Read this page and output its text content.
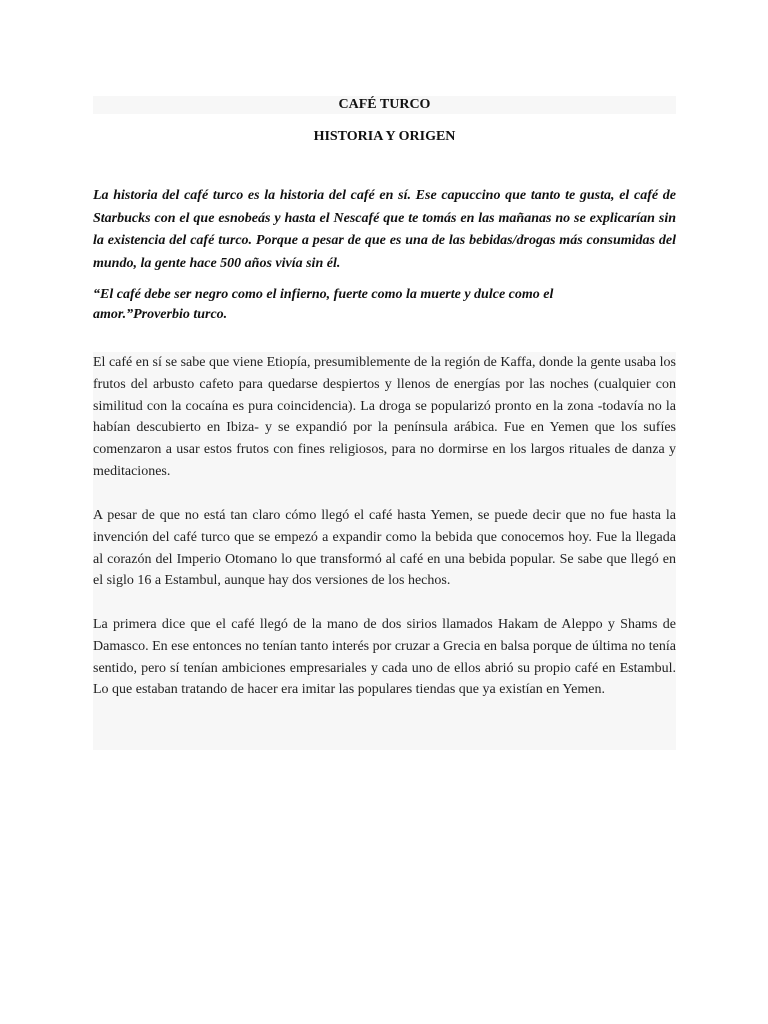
CAFÉ TURCO
HISTORIA Y ORIGEN

La historia del café turco es la historia del café en sí. Ese capuccino que tanto te gusta, el café de Starbucks con el que esnobeás y hasta el Nescafé que te tomás en las mañanas no se explicarían sin la existencia del café turco. Porque a pesar de que es una de las bebidas/drogas más consumidas del mundo, la gente hace 500 años vivía sin él.

“El café debe ser negro como el infierno, fuerte como la muerte y dulce como el amor.”Proverbio turco.

El café en sí se sabe que viene Etiopía, presumiblemente de la región de Kaffa, donde la gente usaba los frutos del arbusto cafeto para quedarse despiertos y llenos de energías por las noches (cualquier con similitud con la cocaína es pura coincidencia). La droga se popularizó pronto en la zona -todavía no la habían descubierto en Ibiza- y se expandió por la península arábica. Fue en Yemen que los sufíes comenzaron a usar estos frutos con fines religiosos, para no dormirse en los largos rituales de danza y meditaciones.

A pesar de que no está tan claro cómo llegó el café hasta Yemen, se puede decir que no fue hasta la invención del café turco que se empezó a expandir como la bebida que conocemos hoy. Fue la llegada al corazón del Imperio Otomano lo que transformó al café en una bebida popular. Se sabe que llegó en el siglo 16 a Estambul, aunque hay dos versiones de los hechos.

La primera dice que el café llegó de la mano de dos sirios llamados Hakam de Aleppo y Shams de Damasco. En ese entonces no tenían tanto interés por cruzar a Grecia en balsa porque de última no tenía sentido, pero sí tenían ambiciones empresariales y cada uno de ellos abrió su propio café en Estambul. Lo que estaban tratando de hacer era imitar las populares tiendas que ya existían en Yemen.
